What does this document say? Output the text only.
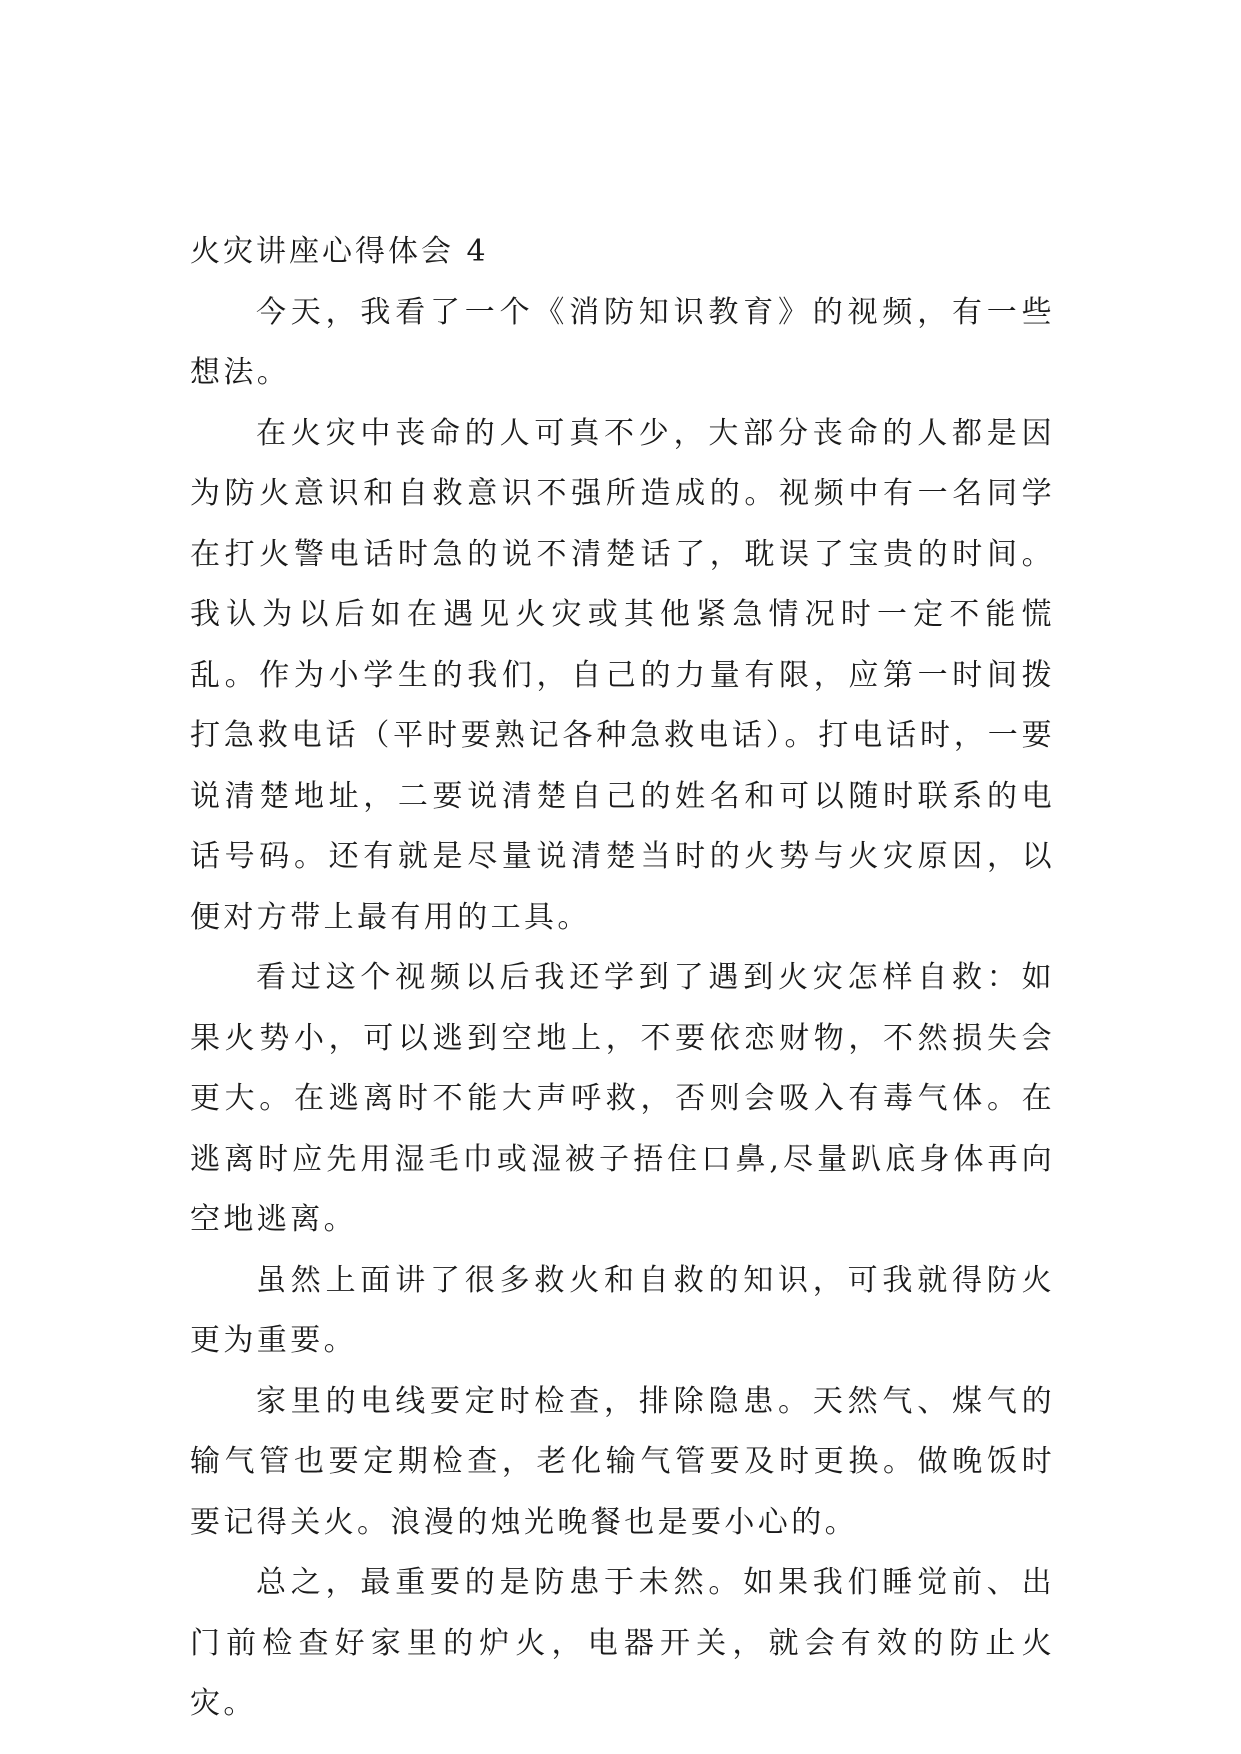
火灾讲座心得体会 4

今天，我看了一个《消防知识教育》的视频，有一些想法。

在火灾中丧命的人可真不少，大部分丧命的人都是因为防火意识和自救意识不强所造成的。视频中有一名同学在打火警电话时急的说不清楚话了，耽误了宝贵的时间。我认为以后如在遇见火灾或其他紧急情况时一定不能慌乱。作为小学生的我们，自己的力量有限，应第一时间拨打急救电话（平时要熟记各种急救电话）。打电话时，一要说清楚地址，二要说清楚自己的姓名和可以随时联系的电话号码。还有就是尽量说清楚当时的火势与火灾原因，以便对方带上最有用的工具。

看过这个视频以后我还学到了遇到火灾怎样自救：如果火势小，可以逃到空地上，不要依恋财物，不然损失会更大。在逃离时不能大声呼救，否则会吸入有毒气体。在逃离时应先用湿毛巾或湿被子捂住口鼻,尽量趴底身体再向空地逃离。

虽然上面讲了很多救火和自救的知识，可我就得防火更为重要。

家里的电线要定时检查，排除隐患。天然气、煤气的输气管也要定期检查，老化输气管要及时更换。做晚饭时要记得关火。浪漫的烛光晚餐也是要小心的。

总之，最重要的是防患于未然。如果我们睡觉前、出门前检查好家里的炉火，电器开关，就会有效的防止火灾。
